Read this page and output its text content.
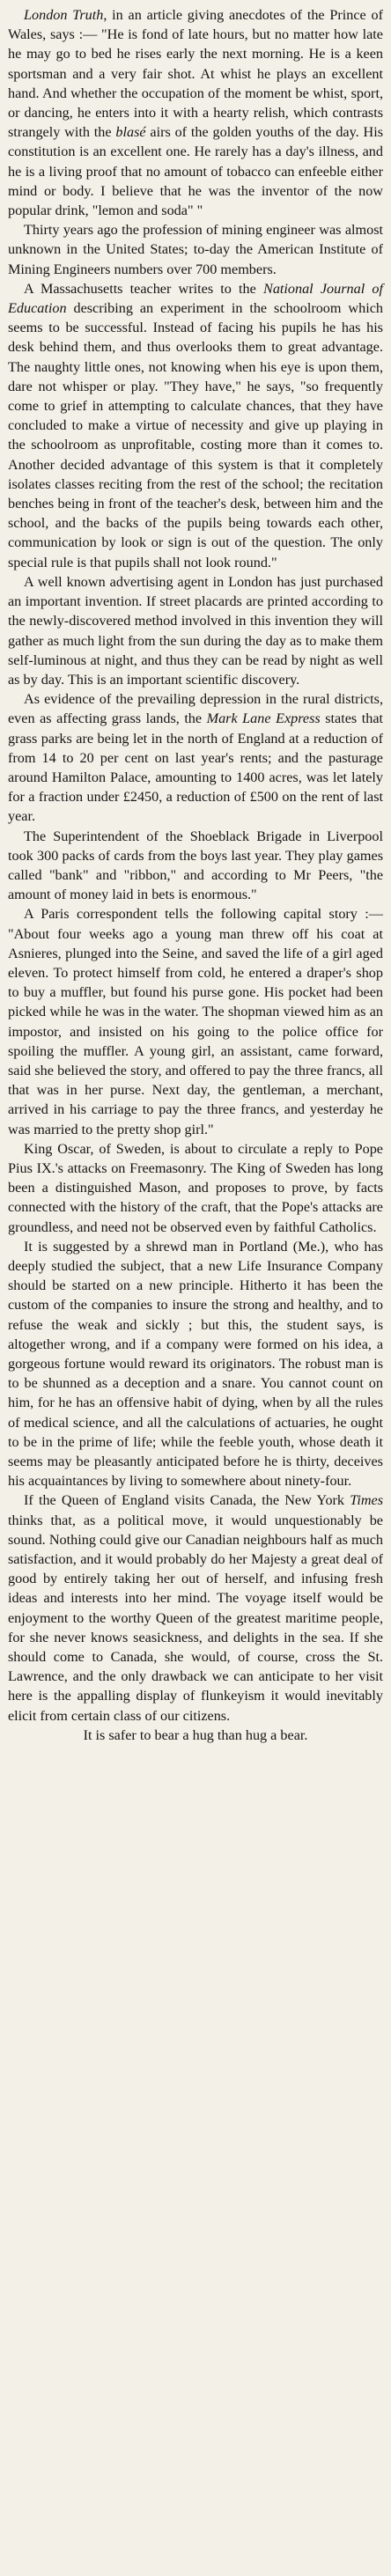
London Truth, in an article giving anecdotes of the Prince of Wales, says :— "He is fond of late hours, but no matter how late he may go to bed he rises early the next morning. He is a keen sportsman and a very fair shot. At whist he plays an excellent hand. And whether the occupation of the moment be whist, sport, or dancing, he enters into it with a hearty relish, which contrasts strangely with the blasé airs of the golden youths of the day. His constitution is an excellent one. He rarely has a day's illness, and he is a living proof that no amount of tobacco can enfeeble either mind or body. I believe that he was the inventor of the now popular drink, "lemon and soda" "

Thirty years ago the profession of mining engineer was almost unknown in the United States; to-day the American Institute of Mining Engineers numbers over 700 members.

A Massachusetts teacher writes to the National Journal of Education describing an experiment in the schoolroom which seems to be successful. Instead of facing his pupils he has his desk behind them, and thus overlooks them to great advantage. The naughty little ones, not knowing when his eye is upon them, dare not whisper or play. "They have," he says, "so frequently come to grief in attempting to calculate chances, that they have concluded to make a virtue of necessity and give up playing in the schoolroom as unprofitable, costing more than it comes to. Another decided advantage of this system is that it completely isolates classes reciting from the rest of the school; the recitation benches being in front of the teacher's desk, between him and the school, and the backs of the pupils being towards each other, communication by look or sign is out of the question. The only special rule is that pupils shall not look round."

A well known advertising agent in London has just purchased an important invention. If street placards are printed according to the newly-discovered method involved in this invention they will gather as much light from the sun during the day as to make them self-luminous at night, and thus they can be read by night as well as by day. This is an important scientific discovery.

As evidence of the prevailing depression in the rural districts, even as affecting grass lands, the Mark Lane Express states that grass parks are being let in the north of England at a reduction of from 14 to 20 per cent on last year's rents; and the pasturage around Hamilton Palace, amounting to 1400 acres, was let lately for a fraction under £2450, a reduction of £500 on the rent of last year.

The Superintendent of the Shoeblack Brigade in Liverpool took 300 packs of cards from the boys last year. They play games called "bank" and "ribbon," and according to Mr Peers, "the amount of money laid in bets is enormous."

A Paris correspondent tells the following capital story :— "About four weeks ago a young man threw off his coat at Asnieres, plunged into the Seine, and saved the life of a girl aged eleven. To protect himself from cold, he entered a draper's shop to buy a muffler, but found his purse gone. His pocket had been picked while he was in the water. The shopman viewed him as an impostor, and insisted on his going to the police office for spoiling the muffler. A young girl, an assistant, came forward, said she believed the story, and offered to pay the three francs, all that was in her purse. Next day, the gentleman, a merchant, arrived in his carriage to pay the three francs, and yesterday he was married to the pretty shop girl."

King Oscar, of Sweden, is about to circulate a reply to Pope Pius IX.'s attacks on Freemasonry. The King of Sweden has long been a distinguished Mason, and proposes to prove, by facts connected with the history of the craft, that the Pope's attacks are groundless, and need not be observed even by faithful Catholics.

It is suggested by a shrewd man in Portland (Me.), who has deeply studied the subject, that a new Life Insurance Company should be started on a new principle. Hitherto it has been the custom of the companies to insure the strong and healthy, and to refuse the weak and sickly ; but this, the student says, is altogether wrong, and if a company were formed on his idea, a gorgeous fortune would reward its originators. The robust man is to be shunned as a deception and a snare. You cannot count on him, for he has an offensive habit of dying, when by all the rules of medical science, and all the calculations of actuaries, he ought to be in the prime of life; while the feeble youth, whose death it seems may be pleasantly anticipated before he is thirty, deceives his acquaintances by living to somewhere about ninety-four.

If the Queen of England visits Canada, the New York Times thinks that, as a political move, it would unquestionably be sound. Nothing could give our Canadian neighbours half as much satisfaction, and it would probably do her Majesty a great deal of good by entirely taking her out of herself, and infusing fresh ideas and interests into her mind. The voyage itself would be enjoyment to the worthy Queen of the greatest maritime people, for she never knows seasickness, and delights in the sea. If she should come to Canada, she would, of course, cross the St. Lawrence, and the only drawback we can anticipate to her visit here is the appalling display of flunkeyism it would inevitably elicit from certain class of our citizens.

It is safer to bear a hug than hug a bear.
